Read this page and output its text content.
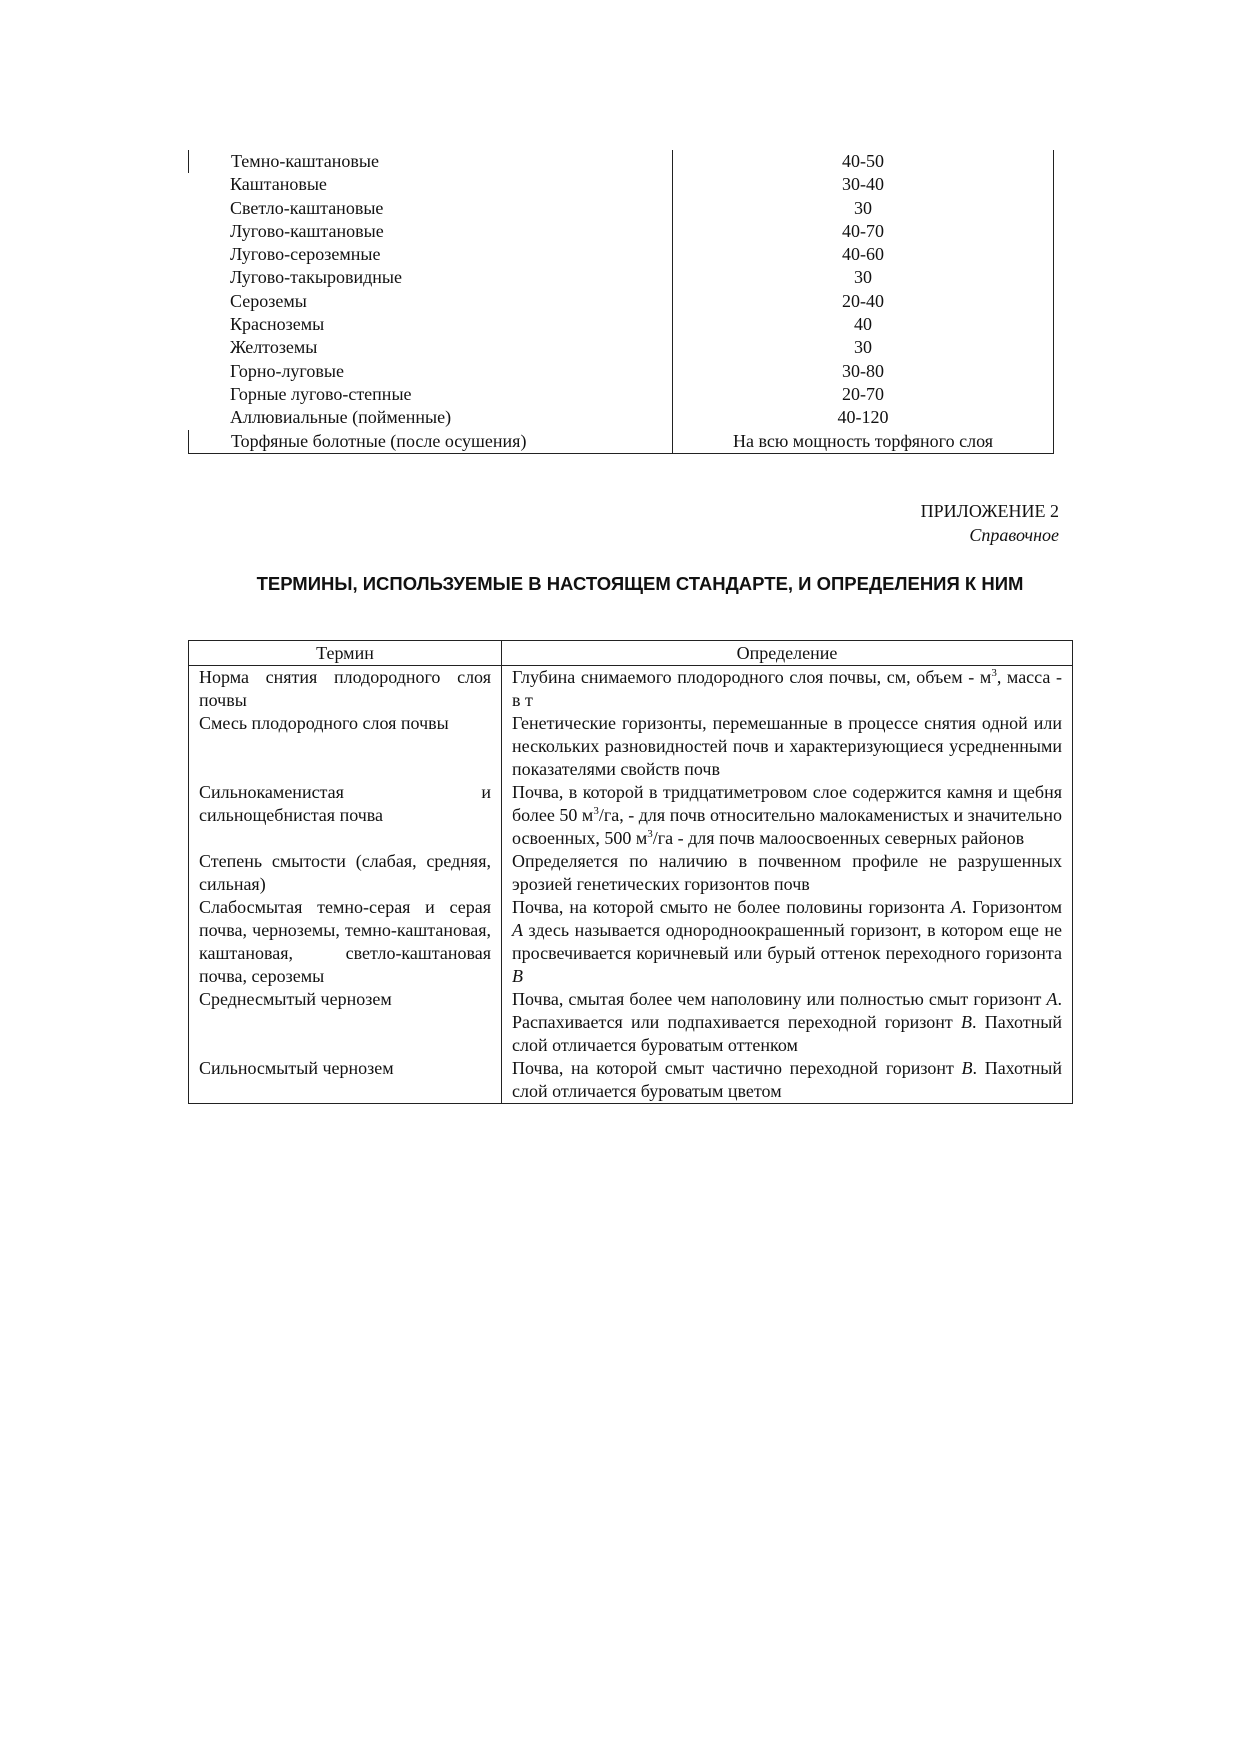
Темно-каштановые	40-50
Каштановые	30-40
Светло-каштановые	30
Лугово-каштановые	40-70
Лугово-сероземные	40-60
Лугово-такыровидные	30
Сероземы	20-40
Красноземы	40
Желтоземы	30
Горно-луговые	30-80
Горные лугово-степные	20-70
Аллювиальные (пойменные)	40-120
Торфяные болотные (после осушения)	На всю мощность торфяного слоя
ПРИЛОЖЕНИЕ 2
Справочное
ТЕРМИНЫ, ИСПОЛЬЗУЕМЫЕ В НАСТОЯЩЕМ СТАНДАРТЕ, И ОПРЕДЕЛЕНИЯ К НИМ
Термин	Определение
Норма снятия плодородного слоя почвы	Глубина снимаемого плодородного слоя почвы, см, объем - $м^3$, масса - в т
Смесь плодородного слоя почвы	Генетические горизонты, перемешанные в процессе снятия одной или нескольких разновидностей почв и характеризующиеся усредненными показателями свойств почв
Сильнокаменистая и сильнощебнистая почва	Почва, в которой в тридцатиметровом слое содержится камня и щебня более 50 $м^3/га$, - для почв относительно малокаменистых и значительно освоенных, 500 $м^3/га$ - для почв малоосвоенных северных районов
Степень смытости (слабая, средняя, сильная)	Определяется по наличию в почвенном профиле не разрушенных эрозией генетических горизонтов почв
Слабосмытая темно-серая и серая почва, черноземы, темно-каштановая, каштановая, светло-каштановая почва, сероземы	Почва, на которой смыто не более половины горизонта А. Горизонтом А здесь называется однородноокрашенный горизонт, в котором еще не просвечивается коричневый или бурый оттенок переходного горизонта В
Среднесмытый чернозем	Почва, смытая более чем наполовину или полностью смыт горизонт А. Распахивается или подпахивается переходной горизонт В. Пахотный слой отличается буроватым оттенком
Сильносмытый чернозем	Почва, на которой смыт частично переходной горизонт В. Пахотный слой отличается буроватым цветом
